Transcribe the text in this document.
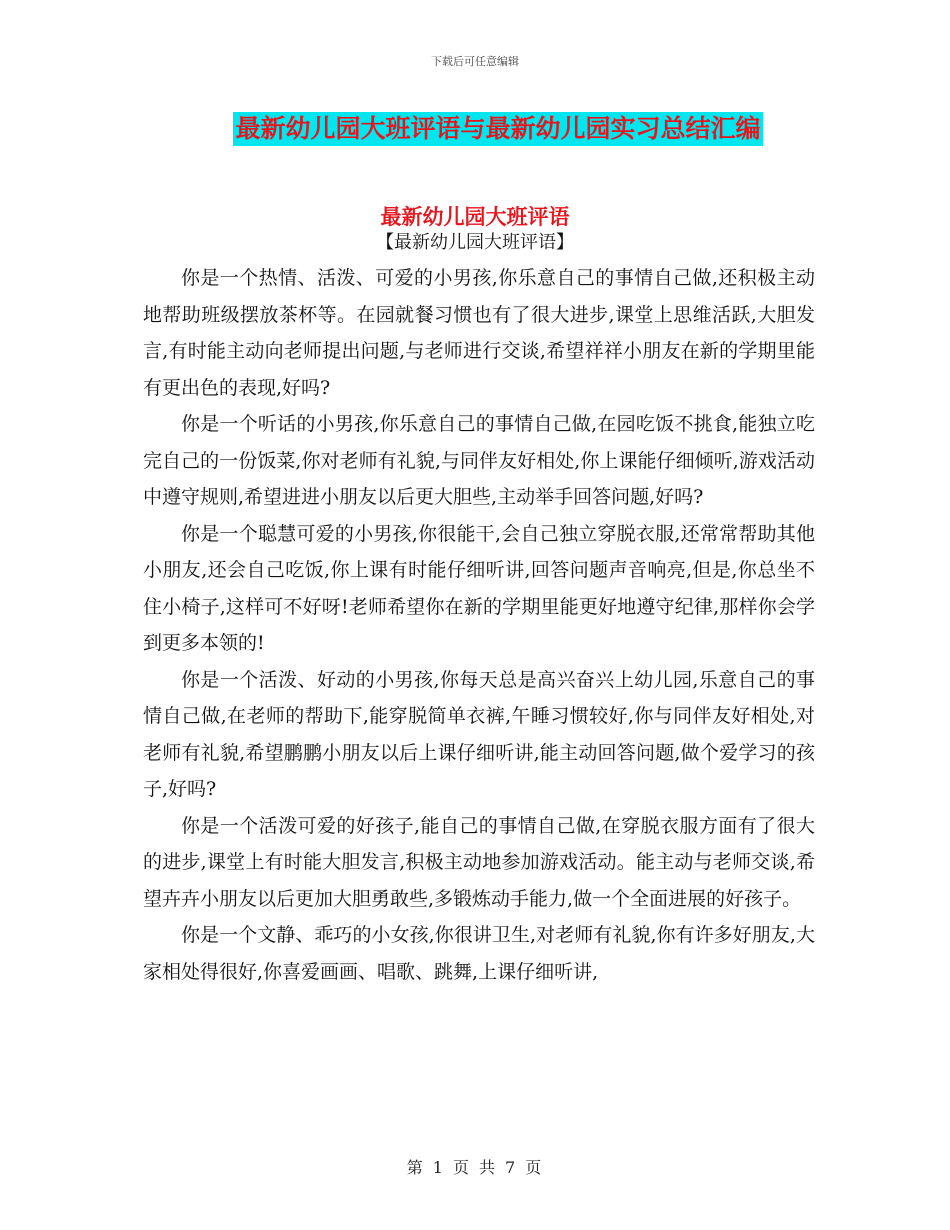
下载后可任意编辑
最新幼儿园大班评语与最新幼儿园实习总结汇编
最新幼儿园大班评语
【最新幼儿园大班评语】

你是一个热情、活泼、可爱的小男孩,你乐意自己的事情自己做,还积极主动地帮助班级摆放茶杯等。在园就餐习惯也有了很大进步,课堂上思维活跃,大胆发言,有时能主动向老师提出问题,与老师进行交谈,希望祥祥小朋友在新的学期里能有更出色的表现,好吗?

你是一个听话的小男孩,你乐意自己的事情自己做,在园吃饭不挑食,能独立吃完自己的一份饭菜,你对老师有礼貌,与同伴友好相处,你上课能仔细倾听,游戏活动中遵守规则,希望进进小朋友以后更大胆些,主动举手回答问题,好吗?

你是一个聪慧可爱的小男孩,你很能干,会自己独立穿脱衣服,还常常帮助其他小朋友,还会自己吃饭,你上课有时能仔细听讲,回答问题声音响亮,但是,你总坐不住小椅子,这样可不好呀!老师希望你在新的学期里能更好地遵守纪律,那样你会学到更多本领的!

你是一个活泼、好动的小男孩,你每天总是高兴奋兴上幼儿园,乐意自己的事情自己做,在老师的帮助下,能穿脱简单衣裤,午睡习惯较好,你与同伴友好相处,对老师有礼貌,希望鹏鹏小朋友以后上课仔细听讲,能主动回答问题,做个爱学习的孩子,好吗?

你是一个活泼可爱的好孩子,能自己的事情自己做,在穿脱衣服方面有了很大的进步,课堂上有时能大胆发言,积极主动地参加游戏活动。能主动与老师交谈,希望卉卉小朋友以后更加大胆勇敢些,多锻炼动手能力,做一个全面进展的好孩子。

你是一个文静、乖巧的小女孩,你很讲卫生,对老师有礼貌,你有许多好朋友,大家相处得很好,你喜爱画画、唱歌、跳舞,上课仔细听讲,

第 1 页 共 7 页
